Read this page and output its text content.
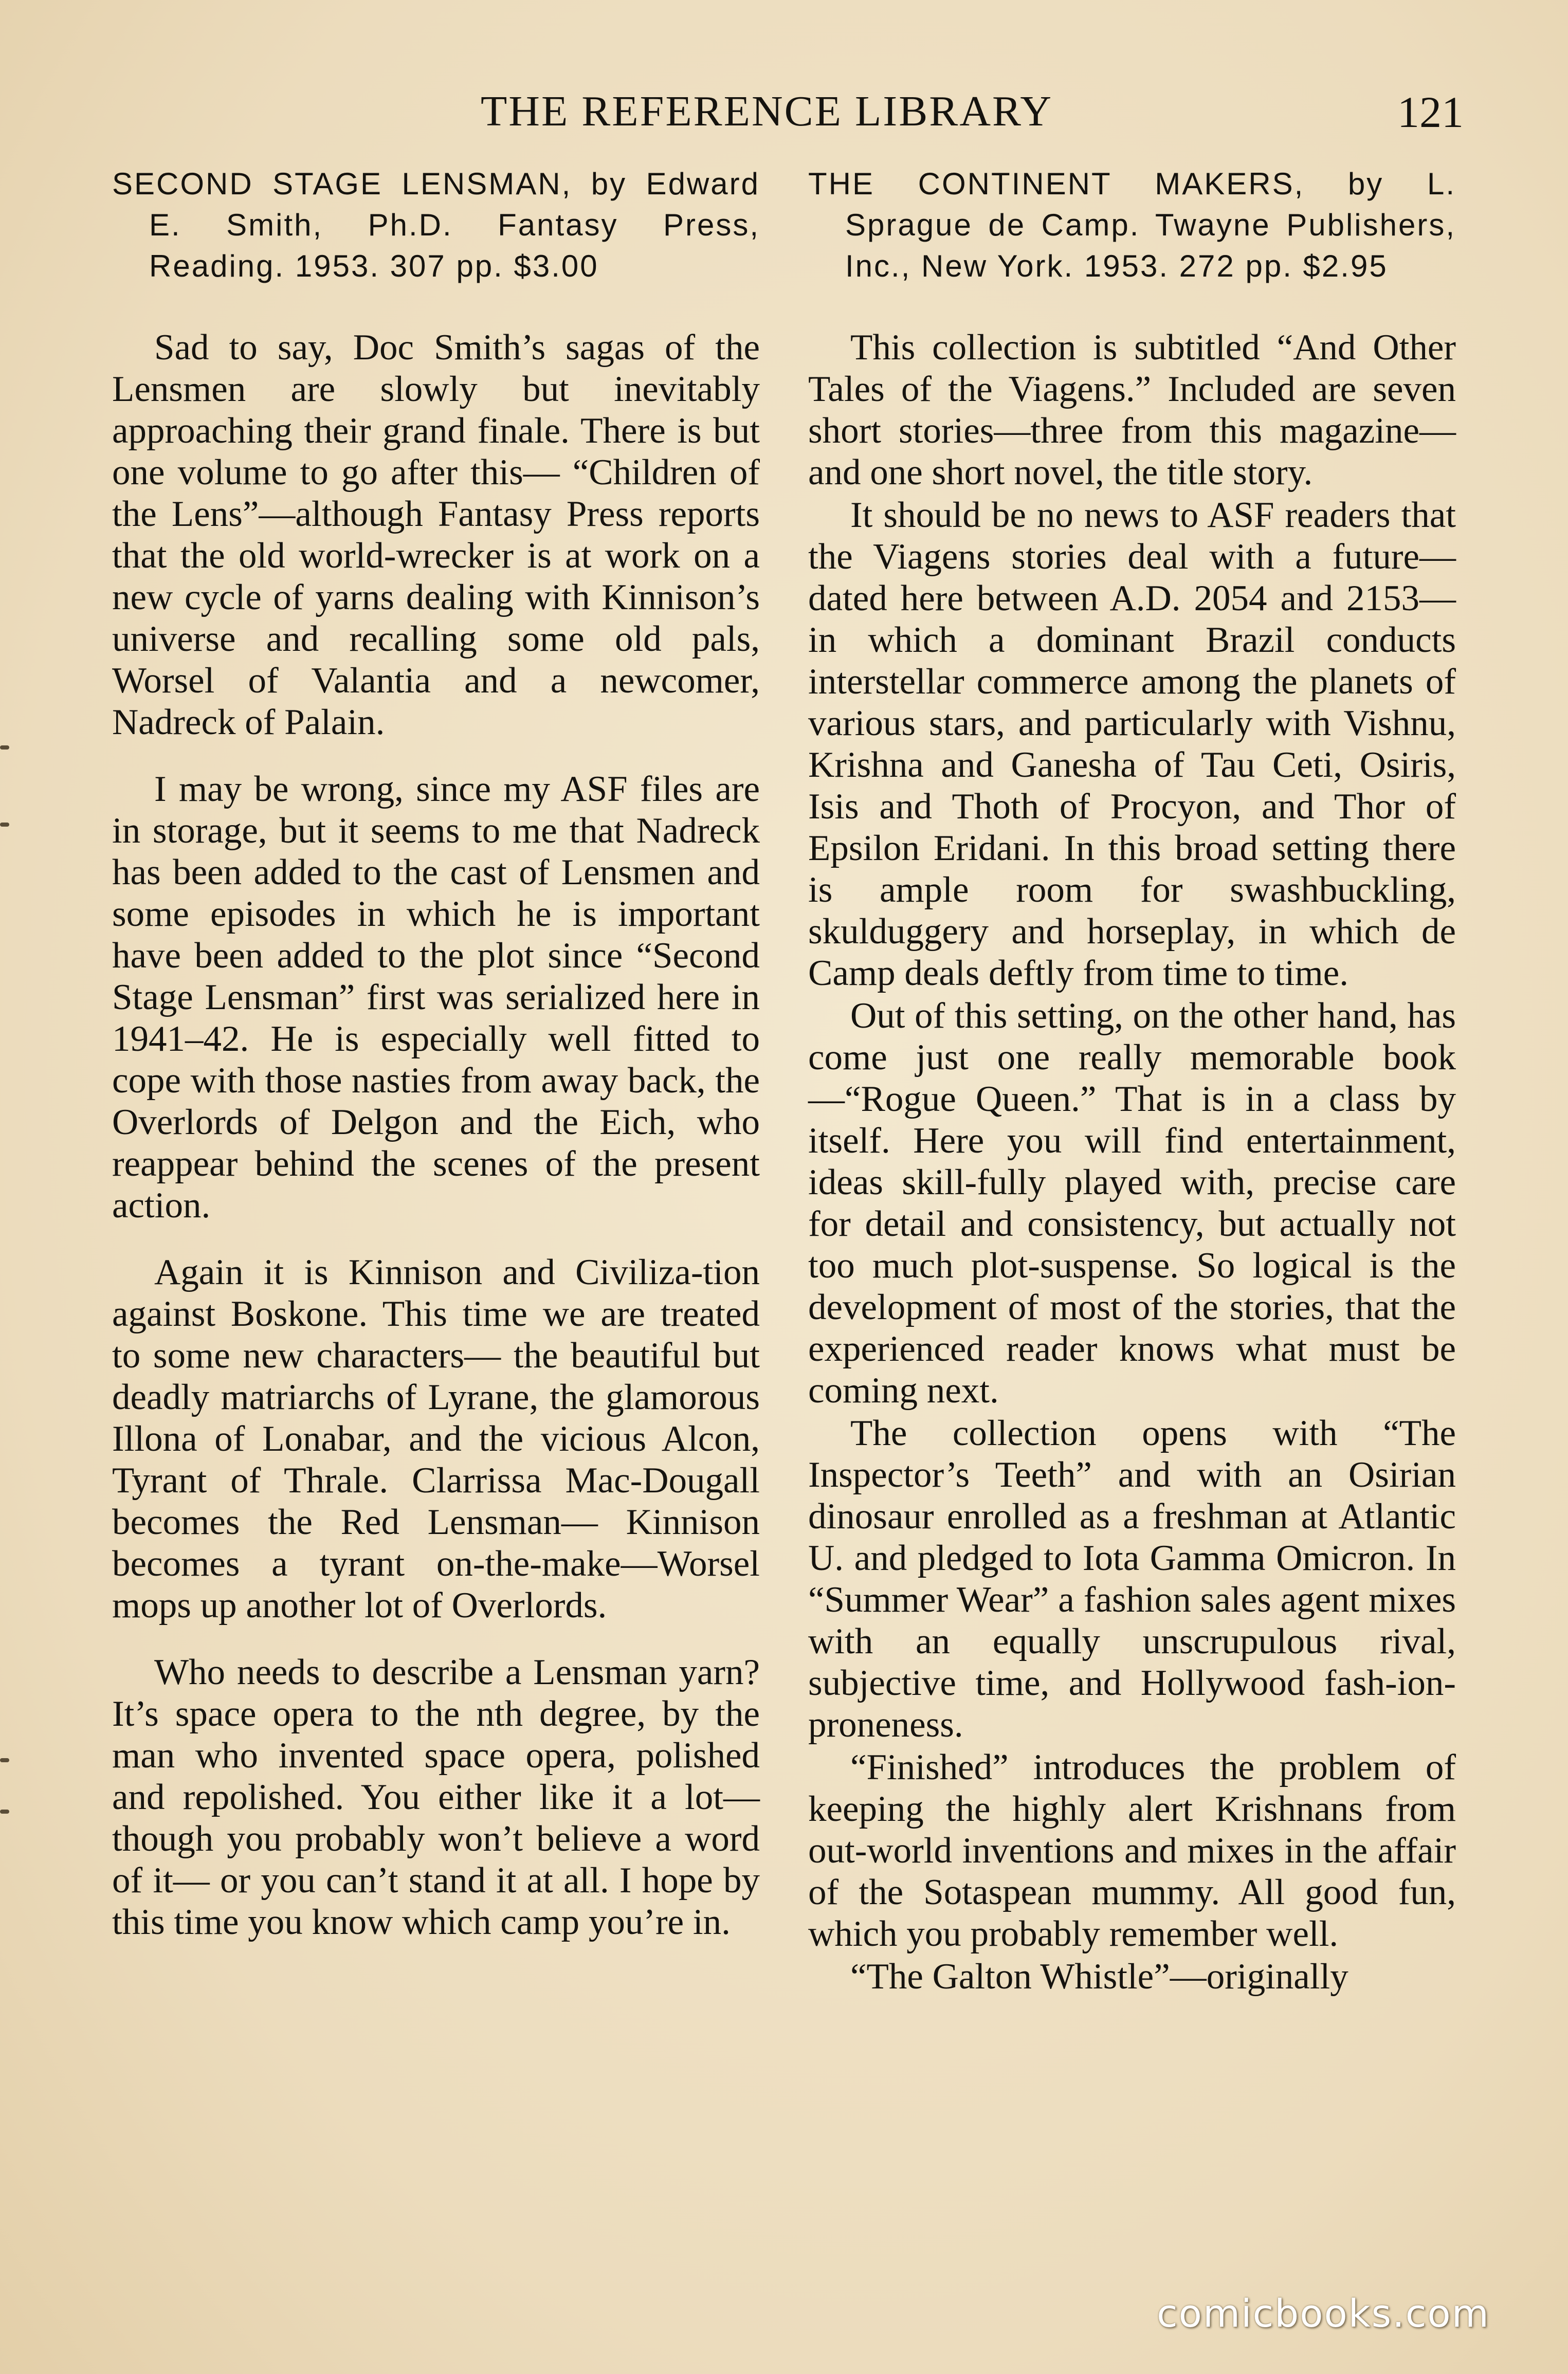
THE REFERENCE LIBRARY	121

SECOND STAGE LENSMAN, by Edward E. Smith, Ph.D. Fantasy Press, Reading. 1953. 307 pp. $3.00

Sad to say, Doc Smith’s sagas of the Lensmen are slowly but inevitably approaching their grand finale. There is but one volume to go after this— “Children of the Lens”—although Fantasy Press reports that the old world-wrecker is at work on a new cycle of yarns dealing with Kinnison’s universe and recalling some old pals, Worsel of Valantia and a newcomer, Nadreck of Palain.

I may be wrong, since my ASF files are in storage, but it seems to me that Nadreck has been added to the cast of Lensmen and some episodes in which he is important have been added to the plot since “Second Stage Lensman” first was serialized here in 1941–42. He is especially well fitted to cope with those nasties from away back, the Overlords of Delgon and the Eich, who reappear behind the scenes of the present action.

Again it is Kinnison and Civiliza-tion against Boskone. This time we are treated to some new characters— the beautiful but deadly matriarchs of Lyrane, the glamorous Illona of Lonabar, and the vicious Alcon, Tyrant of Thrale. Clarrissa Mac-Dougall becomes the Red Lensman— Kinnison becomes a tyrant on-the-make—Worsel mops up another lot of Overlords.

Who needs to describe a Lensman yarn? It’s space opera to the nth degree, by the man who invented space opera, polished and repolished. You either like it a lot—though you probably won’t believe a word of it— or you can’t stand it at all. I hope by this time you know which camp you’re in.

THE CONTINENT MAKERS, by L. Sprague de Camp. Twayne Publishers, Inc., New York. 1953. 272 pp. $2.95

This collection is subtitled “And Other Tales of the Viagens.” Included are seven short stories—three from this magazine—and one short novel, the title story.

It should be no news to ASF readers that the Viagens stories deal with a future—dated here between A.D. 2054 and 2153—in which a dominant Brazil conducts interstellar commerce among the planets of various stars, and particularly with Vishnu, Krishna and Ganesha of Tau Ceti, Osiris, Isis and Thoth of Procyon, and Thor of Epsilon Eridani. In this broad setting there is ample room for swashbuckling, skulduggery and horseplay, in which de Camp deals deftly from time to time.

Out of this setting, on the other hand, has come just one really memorable book—“Rogue Queen.” That is in a class by itself. Here you will find entertainment, ideas skill-fully played with, precise care for detail and consistency, but actually not too much plot-suspense. So logical is the development of most of the stories, that the experienced reader knows what must be coming next.

The collection opens with “The Inspector’s Teeth” and with an Osirian dinosaur enrolled as a freshman at Atlantic U. and pledged to Iota Gamma Omicron. In “Summer Wear” a fashion sales agent mixes with an equally unscrupulous rival, subjective time, and Hollywood fash-ion-proneness.

“Finished” introduces the problem of keeping the highly alert Krishnans from out-world inventions and mixes in the affair of the Sotaspean mummy. All good fun, which you probably remember well.

“The Galton Whistle”—originally

comicbooks.com
